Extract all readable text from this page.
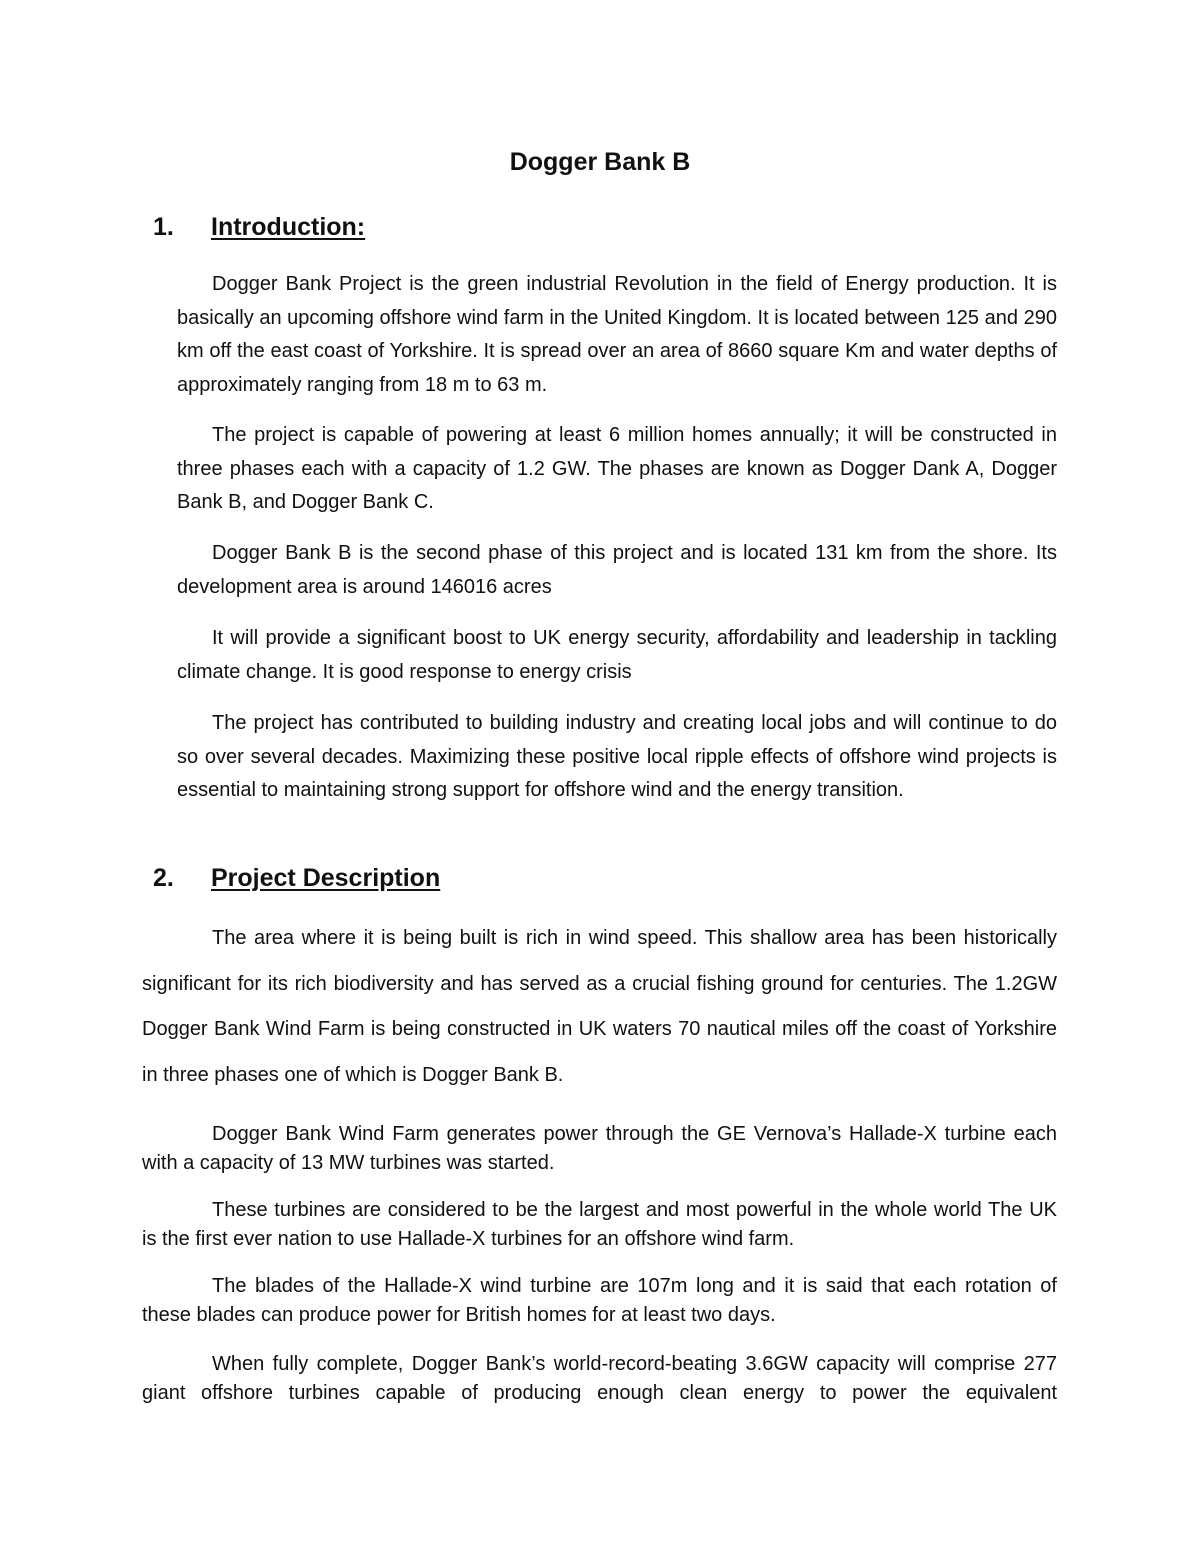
Dogger Bank B
1. Introduction:

Dogger Bank Project is the green industrial Revolution in the field of Energy production. It is basically an upcoming offshore wind farm in the United Kingdom. It is located between 125 and 290 km off the east coast of Yorkshire. It is spread over an area of 8660 square Km and water depths of approximately ranging from 18 m to 63 m.

The project is capable of powering at least 6 million homes annually; it will be constructed in three phases each with a capacity of 1.2 GW. The phases are known as Dogger Dank A, Dogger Bank B, and Dogger Bank C.

Dogger Bank B is the second phase of this project and is located 131 km from the shore. Its development area is around 146016 acres

It will provide a significant boost to UK energy security, affordability and leadership in tackling climate change. It is good response to energy crisis

The project has contributed to building industry and creating local jobs and will continue to do so over several decades. Maximizing these positive local ripple effects of offshore wind projects is essential to maintaining strong support for offshore wind and the energy transition.

2. Project Description

The area where it is being built is rich in wind speed. This shallow area has been historically significant for its rich biodiversity and has served as a crucial fishing ground for centuries. The 1.2GW Dogger Bank Wind Farm is being constructed in UK waters 70 nautical miles off the coast of Yorkshire in three phases one of which is Dogger Bank B.

Dogger Bank Wind Farm generates power through the GE Vernova’s Hallade-X turbine each with a capacity of 13 MW turbines was started.

These turbines are considered to be the largest and most powerful in the whole world The UK is the first ever nation to use Hallade-X turbines for an offshore wind farm.

The blades of the Hallade-X wind turbine are 107m long and it is said that each rotation of these blades can produce power for British homes for at least two days.

When fully complete, Dogger Bank’s world-record-beating 3.6GW capacity will comprise 277 giant offshore turbines capable of producing enough clean energy to power the equivalent
